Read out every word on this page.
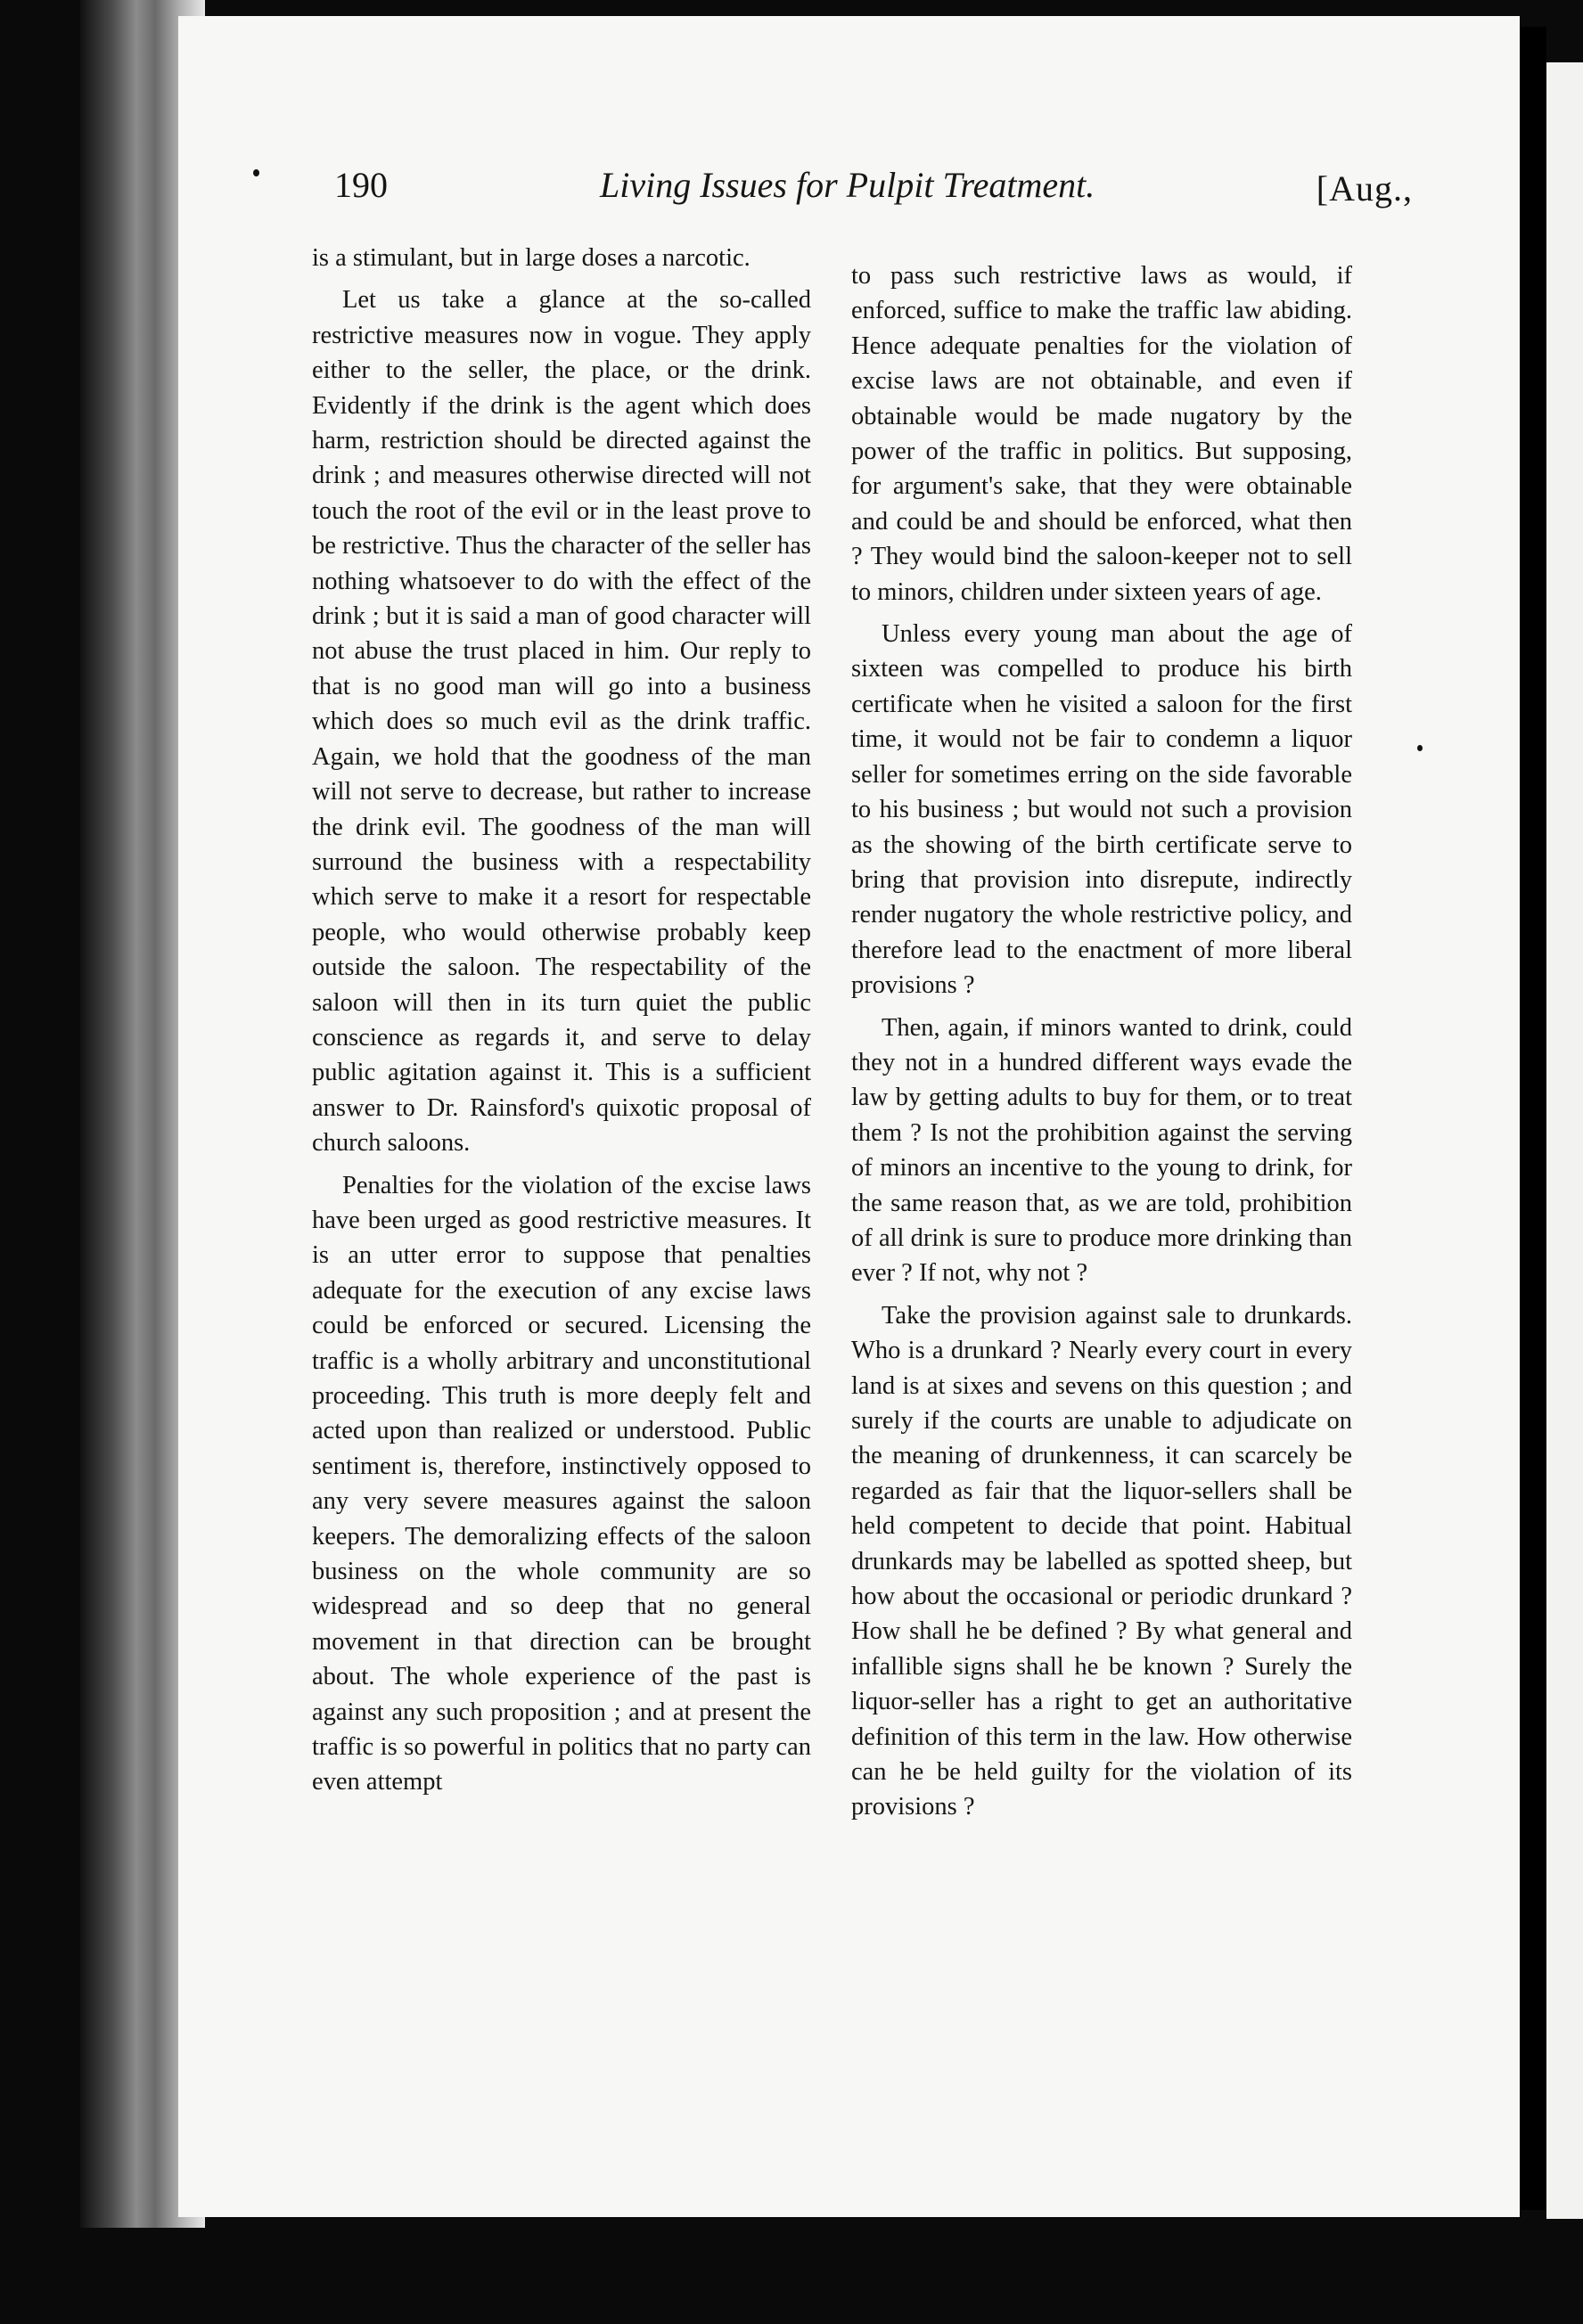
190	Living Issues for Pulpit Treatment.	[Aug.,

is a stimulant, but in large doses a narcotic.

Let us take a glance at the so-called restrictive measures now in vogue. They apply either to the seller, the place, or the drink. Evidently if the drink is the agent which does harm, restriction should be directed against the drink ; and measures otherwise directed will not touch the root of the evil or in the least prove to be restrictive. Thus the character of the seller has nothing whatsoever to do with the effect of the drink ; but it is said a man of good character will not abuse the trust placed in him. Our reply to that is no good man will go into a business which does so much evil as the drink traffic. Again, we hold that the goodness of the man will not serve to decrease, but rather to increase the drink evil. The goodness of the man will surround the business with a respectability which serve to make it a resort for respectable people, who would otherwise probably keep outside the saloon. The respectability of the saloon will then in its turn quiet the public conscience as regards it, and serve to delay public agitation against it. This is a sufficient answer to Dr. Rainsford's quixotic proposal of church saloons.

Penalties for the violation of the excise laws have been urged as good restrictive measures. It is an utter error to suppose that penalties adequate for the execution of any excise laws could be enforced or secured. Licensing the traffic is a wholly arbitrary and unconstitutional proceeding. This truth is more deeply felt and acted upon than realized or understood. Public sentiment is, therefore, instinctively opposed to any very severe measures against the saloon keepers. The demoralizing effects of the saloon business on the whole community are so widespread and so deep that no general movement in that direction can be brought about. The whole experience of the past is against any such proposition ; and at present the traffic is so powerful in politics that no party can even attempt

to pass such restrictive laws as would, if enforced, suffice to make the traffic law abiding. Hence adequate penalties for the violation of excise laws are not obtainable, and even if obtainable would be made nugatory by the power of the traffic in politics. But supposing, for argument's sake, that they were obtainable and could be and should be enforced, what then ? They would bind the saloon-keeper not to sell to minors, children under sixteen years of age.

Unless every young man about the age of sixteen was compelled to produce his birth certificate when he visited a saloon for the first time, it would not be fair to condemn a liquor seller for sometimes erring on the side favorable to his business ; but would not such a provision as the showing of the birth certificate serve to bring that provision into disrepute, indirectly render nugatory the whole restrictive policy, and therefore lead to the enactment of more liberal provisions ?

Then, again, if minors wanted to drink, could they not in a hundred different ways evade the law by getting adults to buy for them, or to treat them ? Is not the prohibition against the serving of minors an incentive to the young to drink, for the same reason that, as we are told, prohibition of all drink is sure to produce more drinking than ever ? If not, why not ?

Take the provision against sale to drunkards. Who is a drunkard ? Nearly every court in every land is at sixes and sevens on this question ; and surely if the courts are unable to adjudicate on the meaning of drunkenness, it can scarcely be regarded as fair that the liquor-sellers shall be held competent to decide that point. Habitual drunkards may be labelled as spotted sheep, but how about the occasional or periodic drunkard ? How shall he be defined ? By what general and infallible signs shall he be known ? Surely the liquor-seller has a right to get an authoritative definition of this term in the law. How otherwise can he be held guilty for the violation of its provisions ?
